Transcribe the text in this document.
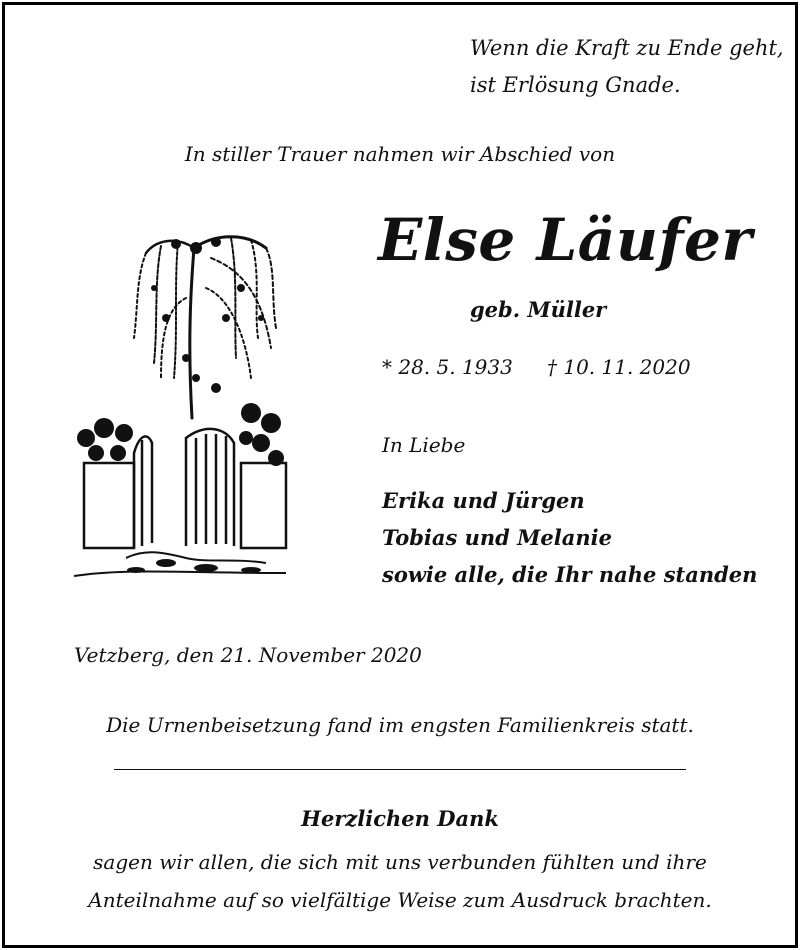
Wenn die Kraft zu Ende geht,
ist Erlösung Gnade.
In stiller Trauer nahmen wir Abschied von
Else Läufer
geb. Müller
* 28. 5. 1933 † 10. 11. 2020
In Liebe
Erika und Jürgen
Tobias und Melanie
sowie alle, die Ihr nahe standen
Vetzberg, den 21. November 2020
Die Urnenbeisetzung fand im engsten Familienkreis statt.
Herzlichen Dank
sagen wir allen, die sich mit uns verbunden fühlten und ihre
Anteilnahme auf so vielfältige Weise zum Ausdruck brachten.
